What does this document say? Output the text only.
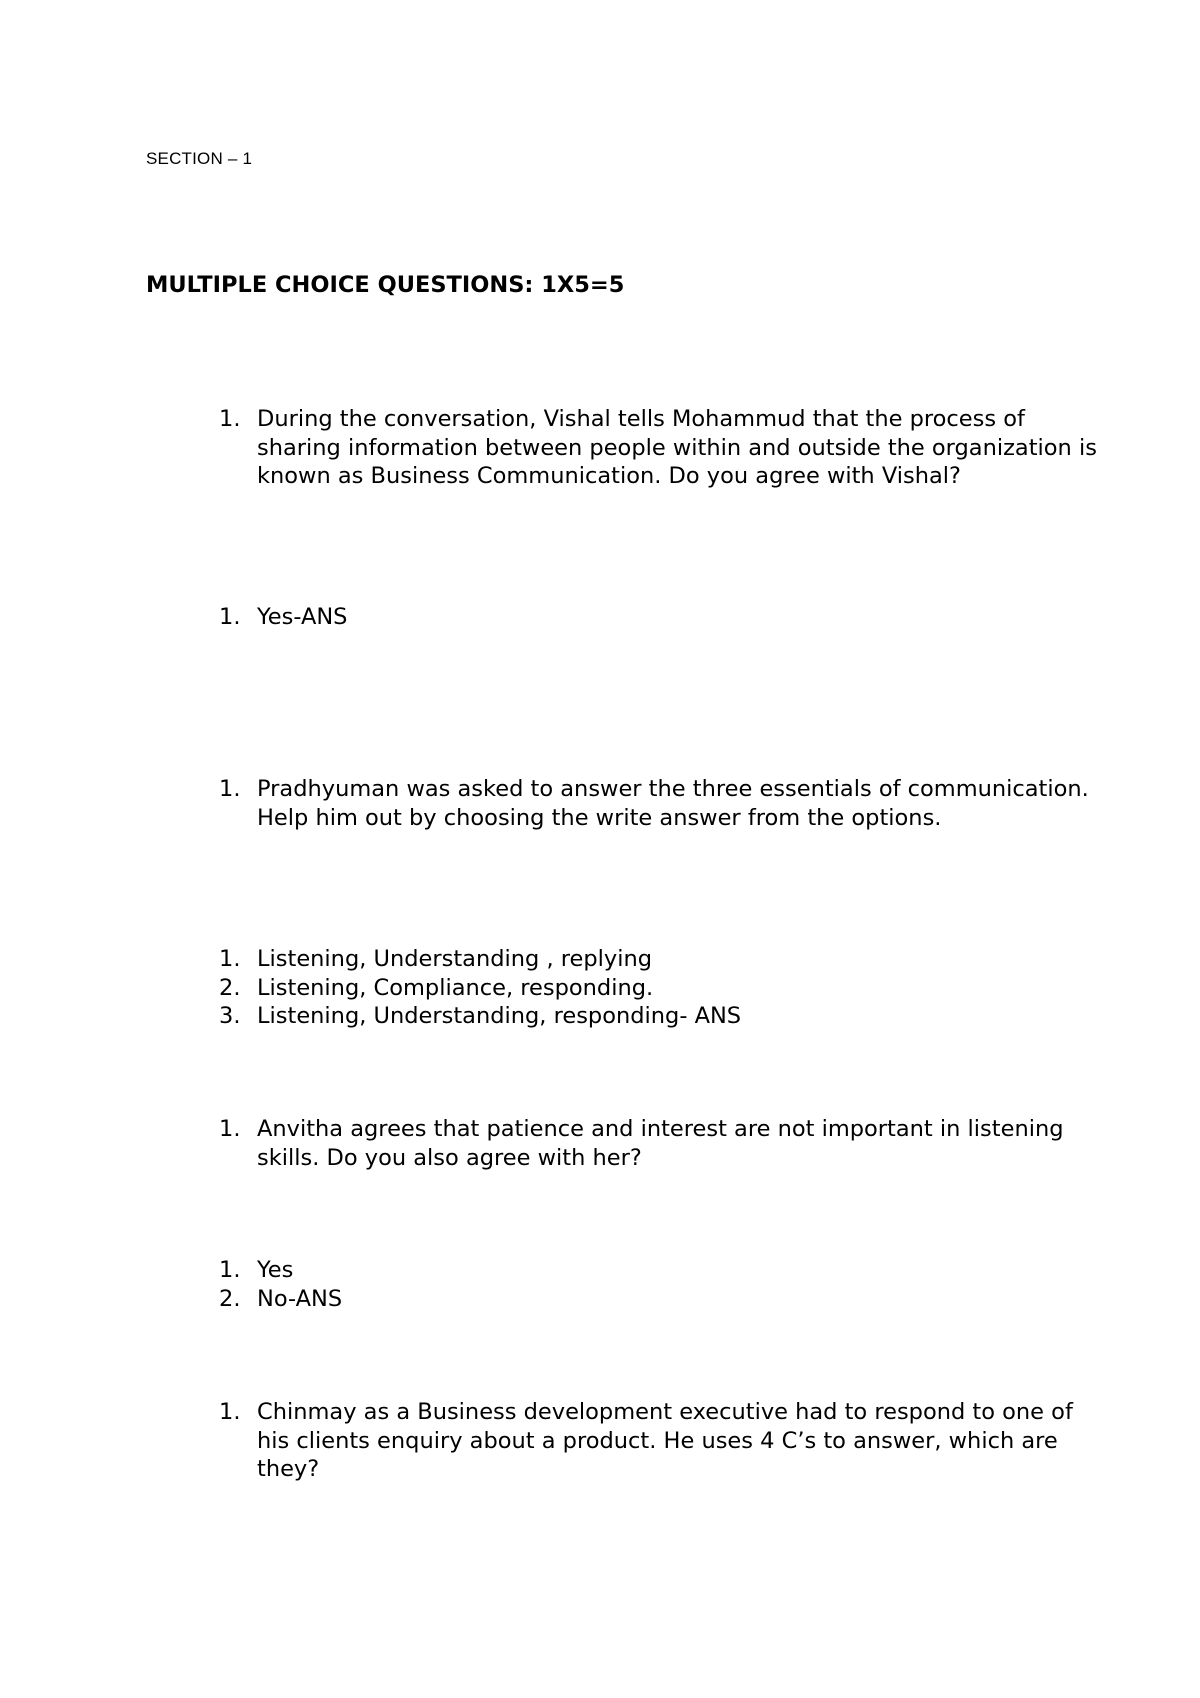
SECTION – 1
MULTIPLE CHOICE QUESTIONS: 1X5=5
1. During the conversation, Vishal tells Mohammud that the process of sharing information between people within and outside the organization is known as Business Communication. Do you agree with Vishal?
1. Yes-ANS
1. Pradhyuman was asked to answer the three essentials of communication. Help him out by choosing the write answer from the options.
1. Listening, Understanding , replying
2. Listening, Compliance, responding.
3. Listening, Understanding, responding- ANS
1. Anvitha agrees that patience and interest are not important in listening skills. Do you also agree with her?
1. Yes
2. No-ANS
1. Chinmay as a Business development executive had to respond to one of his clients enquiry about a product. He uses 4 C’s to answer, which are they?
